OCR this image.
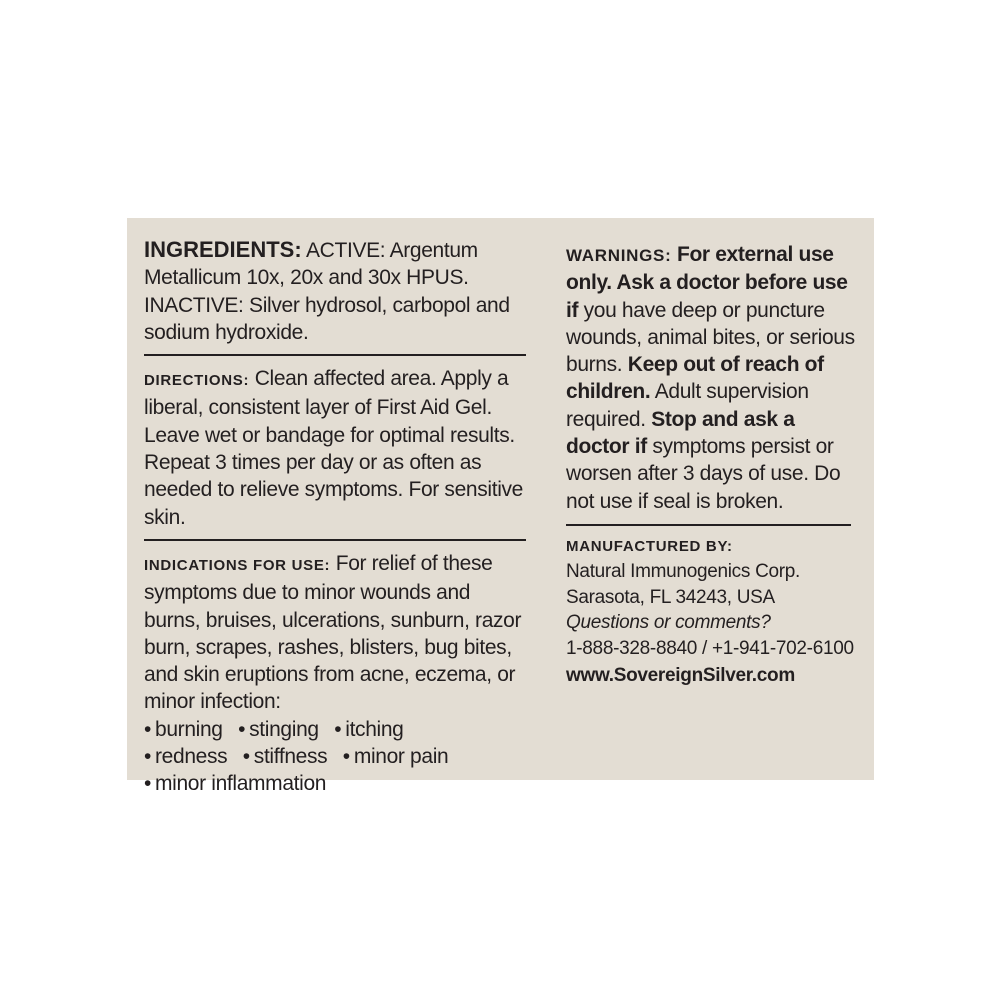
INGREDIENTS: ACTIVE: Argentum Metallicum 10x, 20x and 30x HPUS. INACTIVE: Silver hydrosol, carbopol and sodium hydroxide.

DIRECTIONS: Clean affected area. Apply a liberal, consistent layer of First Aid Gel. Leave wet or bandage for optimal results. Repeat 3 times per day or as often as needed to relieve symptoms. For sensitive skin.

INDICATIONS FOR USE: For relief of these symptoms due to minor wounds and burns, bruises, ulcerations, sunburn, razor burn, scrapes, rashes, blisters, bug bites, and skin eruptions from acne, eczema, or minor infection:

• burning • stinging • itching
• redness • stiffness • minor pain
• minor inflammation

WARNINGS: For external use only. Ask a doctor before use if you have deep or puncture wounds, animal bites, or serious burns. Keep out of reach of children. Adult supervision required. Stop and ask a doctor if symptoms persist or worsen after 3 days of use. Do not use if seal is broken.

MANUFACTURED BY:
Natural Immunogenics Corp.
Sarasota, FL 34243, USA
Questions or comments?
1-888-328-8840 / +1-941-702-6100
www.SovereignSilver.com
